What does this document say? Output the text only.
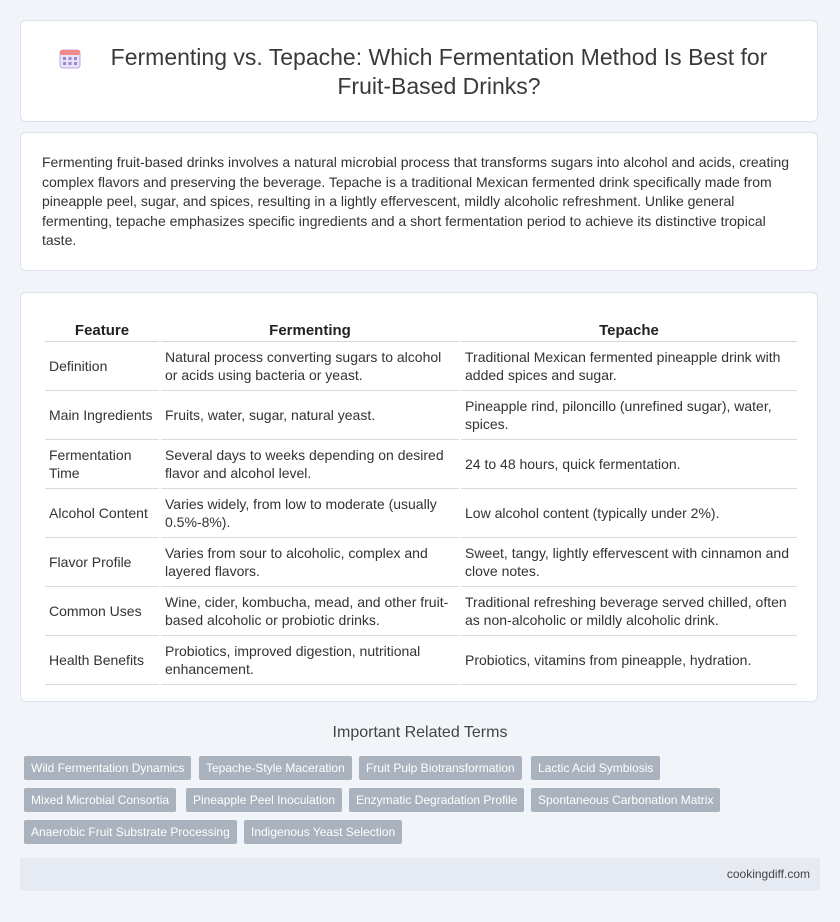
Fermenting vs. Tepache: Which Fermentation Method Is Best for Fruit-Based Drinks?

Fermenting fruit-based drinks involves a natural microbial process that transforms sugars into alcohol and acids, creating complex flavors and preserving the beverage. Tepache is a traditional Mexican fermented drink specifically made from pineapple peel, sugar, and spices, resulting in a lightly effervescent, mildly alcoholic refreshment. Unlike general fermenting, tepache emphasizes specific ingredients and a short fermentation period to achieve its distinctive tropical taste.

Feature	Fermenting	Tepache
Definition	Natural process converting sugars to alcohol or acids using bacteria or yeast.	Traditional Mexican fermented pineapple drink with added spices and sugar.
Main Ingredients	Fruits, water, sugar, natural yeast.	Pineapple rind, piloncillo (unrefined sugar), water, spices.
Fermentation Time	Several days to weeks depending on desired flavor and alcohol level.	24 to 48 hours, quick fermentation.
Alcohol Content	Varies widely, from low to moderate (usually 0.5%-8%).	Low alcohol content (typically under 2%).
Flavor Profile	Varies from sour to alcoholic, complex and layered flavors.	Sweet, tangy, lightly effervescent with cinnamon and clove notes.
Common Uses	Wine, cider, kombucha, mead, and other fruit-based alcoholic or probiotic drinks.	Traditional refreshing beverage served chilled, often as non-alcoholic or mildly alcoholic drink.
Health Benefits	Probiotics, improved digestion, nutritional enhancement.	Probiotics, vitamins from pineapple, hydration.
Important Related Terms
Wild Fermentation Dynamics	Tepache-Style Maceration	Fruit Pulp Biotransformation	Lactic Acid Symbiosis
Mixed Microbial Consortia	Pineapple Peel Inoculation	Enzymatic Degradation Profile	Spontaneous Carbonation Matrix
Anaerobic Fruit Substrate Processing	Indigenous Yeast Selection
cookingdiff.com
